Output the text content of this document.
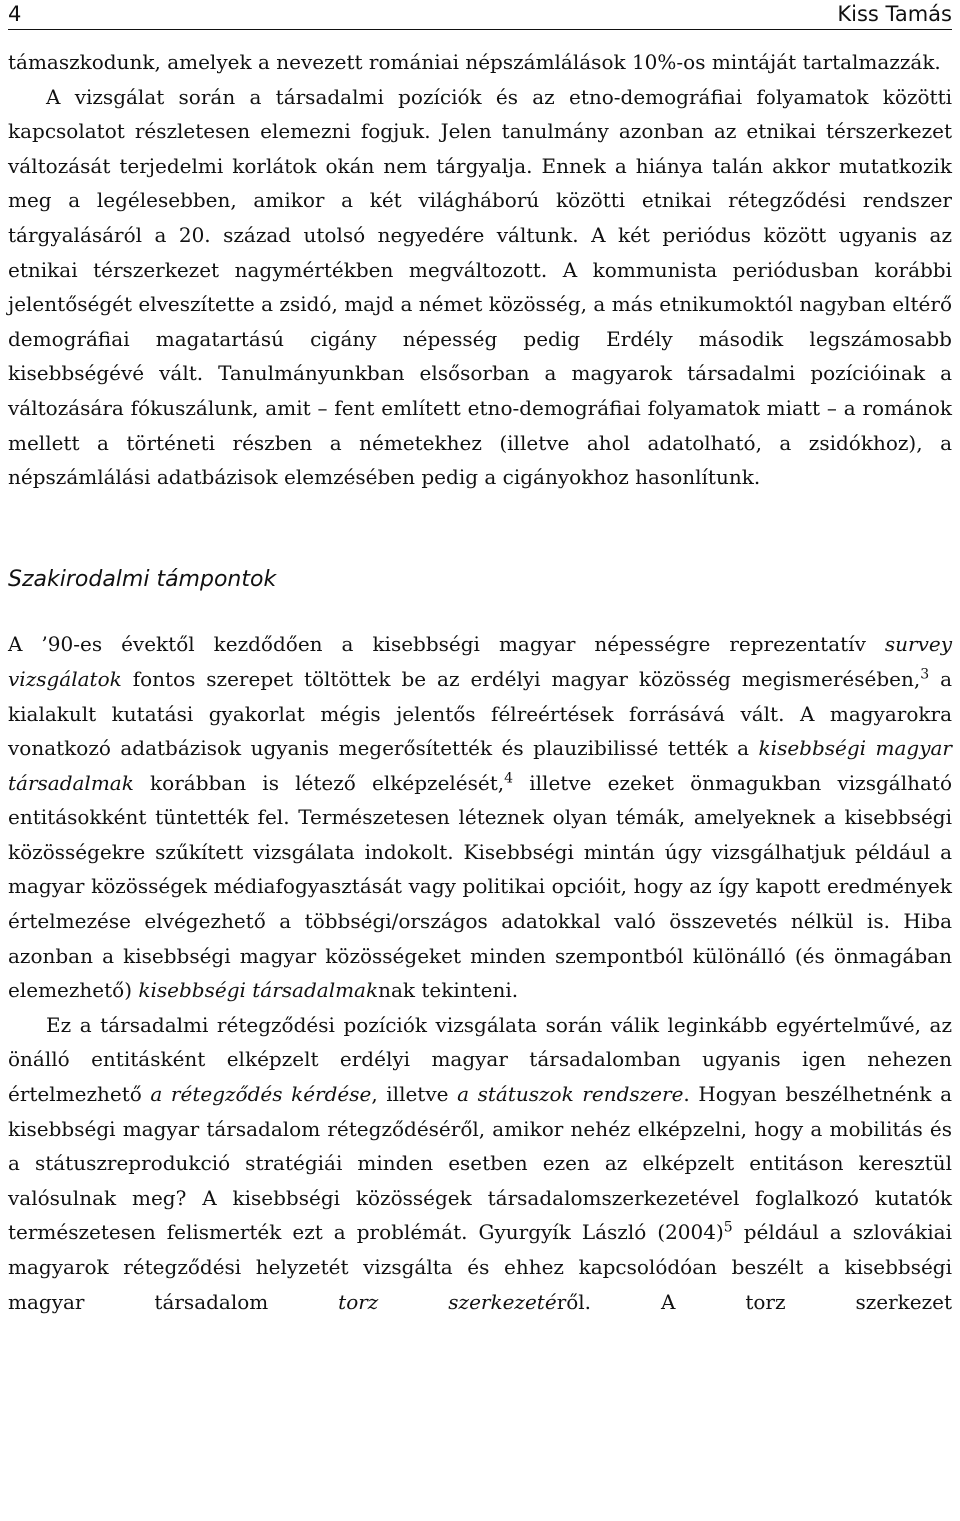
4	Kiss Tamás

támaszkodunk, amelyek a nevezett romániai népszámlálások 10%-os mintáját tartalmazzák.

A vizsgálat során a társadalmi pozíciók és az etno-demográfiai folyamatok közötti kapcsolatot részletesen elemezni fogjuk. Jelen tanulmány azonban az etnikai térszerkezet változását terjedelmi korlátok okán nem tárgyalja. Ennek a hiánya talán akkor mutatkozik meg a legélesebben, amikor a két világháború közötti etnikai rétegződési rendszer tárgyalásáról a 20. század utolsó negyedére váltunk. A két periódus között ugyanis az etnikai térszerkezet nagymértékben megváltozott. A kommunista periódusban korábbi jelentőségét elveszítette a zsidó, majd a német közösség, a más etnikumoktól nagyban eltérő demográfiai magatartású cigány népesség pedig Erdély második legszámosabb kisebbségévé vált. Tanulmányunkban elsősorban a magyarok társadalmi pozícióinak a változására fókuszálunk, amit – fent említett etno-demográfiai folyamatok miatt – a románok mellett a történeti részben a németekhez (illetve ahol adatolható, a zsidókhoz), a népszámlálási adatbázisok elemzésében pedig a cigányokhoz hasonlítunk.

Szakirodalmi támpontok

A ’90-es évektől kezdődően a kisebbségi magyar népességre reprezentatív survey vizsgálatok fontos szerepet töltöttek be az erdélyi magyar közösség megismerésében,$^3$ a kialakult kutatási gyakorlat mégis jelentős félreértések forrásává vált. A magyarokra vonatkozó adatbázisok ugyanis megerősítették és plauzibilissé tették a kisebbségi magyar társadalmak korábban is létező elképzelését,$^4$ illetve ezeket önmagukban vizsgálható entitásokként tüntették fel. Természetesen léteznek olyan témák, amelyeknek a kisebbségi közösségekre szűkített vizsgálata indokolt. Kisebbségi mintán úgy vizsgálhatjuk például a magyar közösségek médiafogyasztását vagy politikai opcióit, hogy az így kapott eredmények értelmezése elvégezhető a többségi/országos adatokkal való összevetés nélkül is. Hiba azonban a kisebbségi magyar közösségeket minden szempontból különálló (és önmagában elemezhető) kisebbségi társadalmaknak tekinteni.

Ez a társadalmi rétegződési pozíciók vizsgálata során válik leginkább egyértelművé, az önálló entitásként elképzelt erdélyi magyar társadalomban ugyanis igen nehezen értelmezhető a rétegződés kérdése, illetve a státuszok rendszere. Hogyan beszélhetnénk a kisebbségi magyar társadalom rétegződéséről, amikor nehéz elképzelni, hogy a mobilitás és a státuszreprodukció stratégiái minden esetben ezen az elképzelt entitáson keresztül valósulnak meg? A kisebbségi közösségek társadalomszerkezetével foglalkozó kutatók természetesen felismerték ezt a problémát. Gyurgyík László $(2004)^5$ például a szlovákiai magyarok rétegződési helyzetét vizsgálta és ehhez kapcsolódóan beszélt a kisebbségi magyar társadalom torz szerkezetéről. A torz szerkezet
